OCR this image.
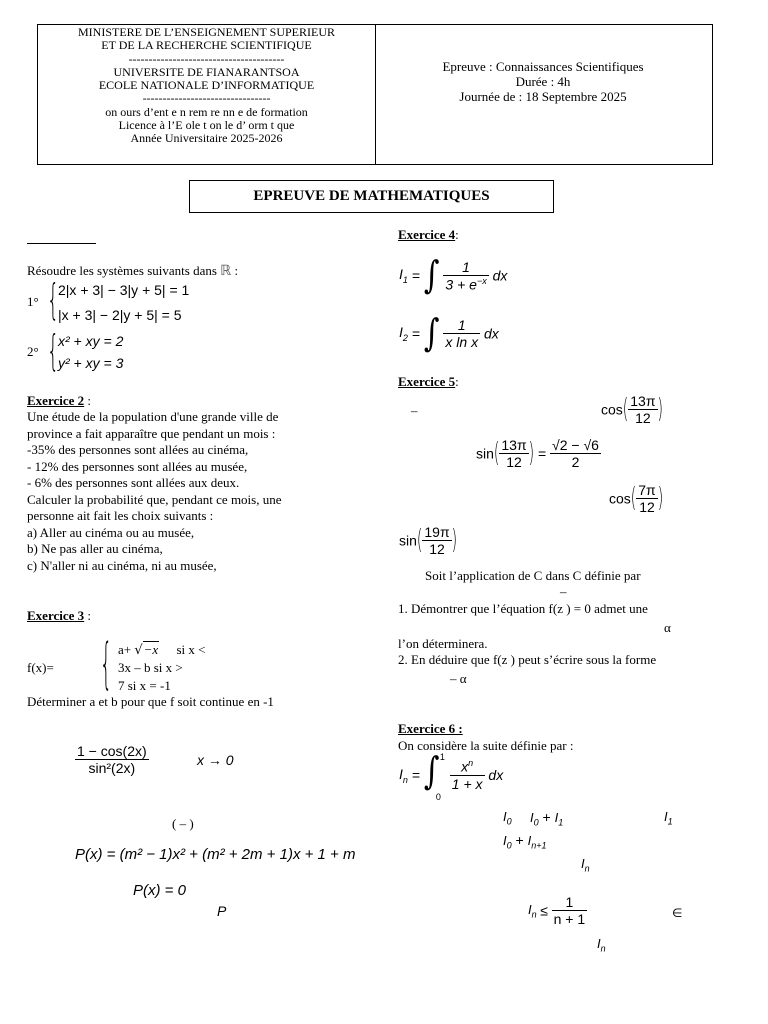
MINISTERE DE L’ENSEIGNEMENT SUPERIEUR
ET DE LA RECHERCHE SCIENTIFIQUE
---------------------------------------
UNIVERSITE DE FIANARANTSOA
ECOLE NATIONALE D’INFORMATIQUE
--------------------------------
on ours d’ent e n rem re nn e de formation
Licence à l’E ole t on le d’ orm t que
Année Universitaire 2025-2026
Epreuve : Connaissances Scientifiques
Durée : 4h
Journée de : 18 Septembre 2025
EPREUVE DE MATHEMATIQUES
Résoudre les systèmes suivants dans ℝ :
1° {
2|x + 3| − 3|y + 5| = 1
|x + 3| − 2|y + 5| = 5
2° {
x² + xy = 2
y² + xy = 3
Exercice 2 :
Une étude de la population d'une grande ville de
province a fait apparaître que pendant un mois :
-35% des personnes sont allées au cinéma,
- 12% des personnes sont allées au musée,
- 6% des personnes sont allées aux deux.
Calculer la probabilité que, pendant ce mois, une
personne ait fait les choix suivants :
a) Aller au cinéma ou au musée,
b) Ne pas aller au cinéma,
c) N'aller ni au cinéma, ni au musée,
Exercice 3 :
f(x)= { a+ √−x si x <
3x – b si x >
7 si x = -1
Déterminer a et b pour que f soit continue en -1
$\frac{1 - \cos(2x)}{\text{sin²(2x)}}$	x → 0
( – )
P(x) = (m² − 1)x² + (m² + 2m + 1)x + 1 + m
P(x) = 0
P
Exercice 4:
$I_1$ = ∫ $\frac{1}{3 + e^{-x}}$ dx
$I_2$ = ∫ $\frac{1}{\text{x ln x}}$ dx
Exercice 5:
–	$\cos( \frac{13\pi}{12}$ )
$\sin( \frac{13\pi}{12}$ ) = $\frac{√2 - √6}{2}$
$\cos( \frac{7\pi}{12}$ )
$\sin( \frac{19\pi}{12}$ )
Soit l’application de C dans C définie par
–
1. Démontrer que l’équation f(z ) = 0 admet une
α
l’on déterminera.
2. En déduire que f(z ) peut s’écrire sous la forme
– α
Exercice 6 :
On considère la suite définie par :
$I_n$ = ∫ 1
0

$\frac{x^n}{1 + x}$ dx
$I_0$ $I_0 + I_1$	$I_1$
$I_0 + I_{n+1}$
$I_n$
$I_n \le \frac{1}{n + 1}$	∈
$I_n$
